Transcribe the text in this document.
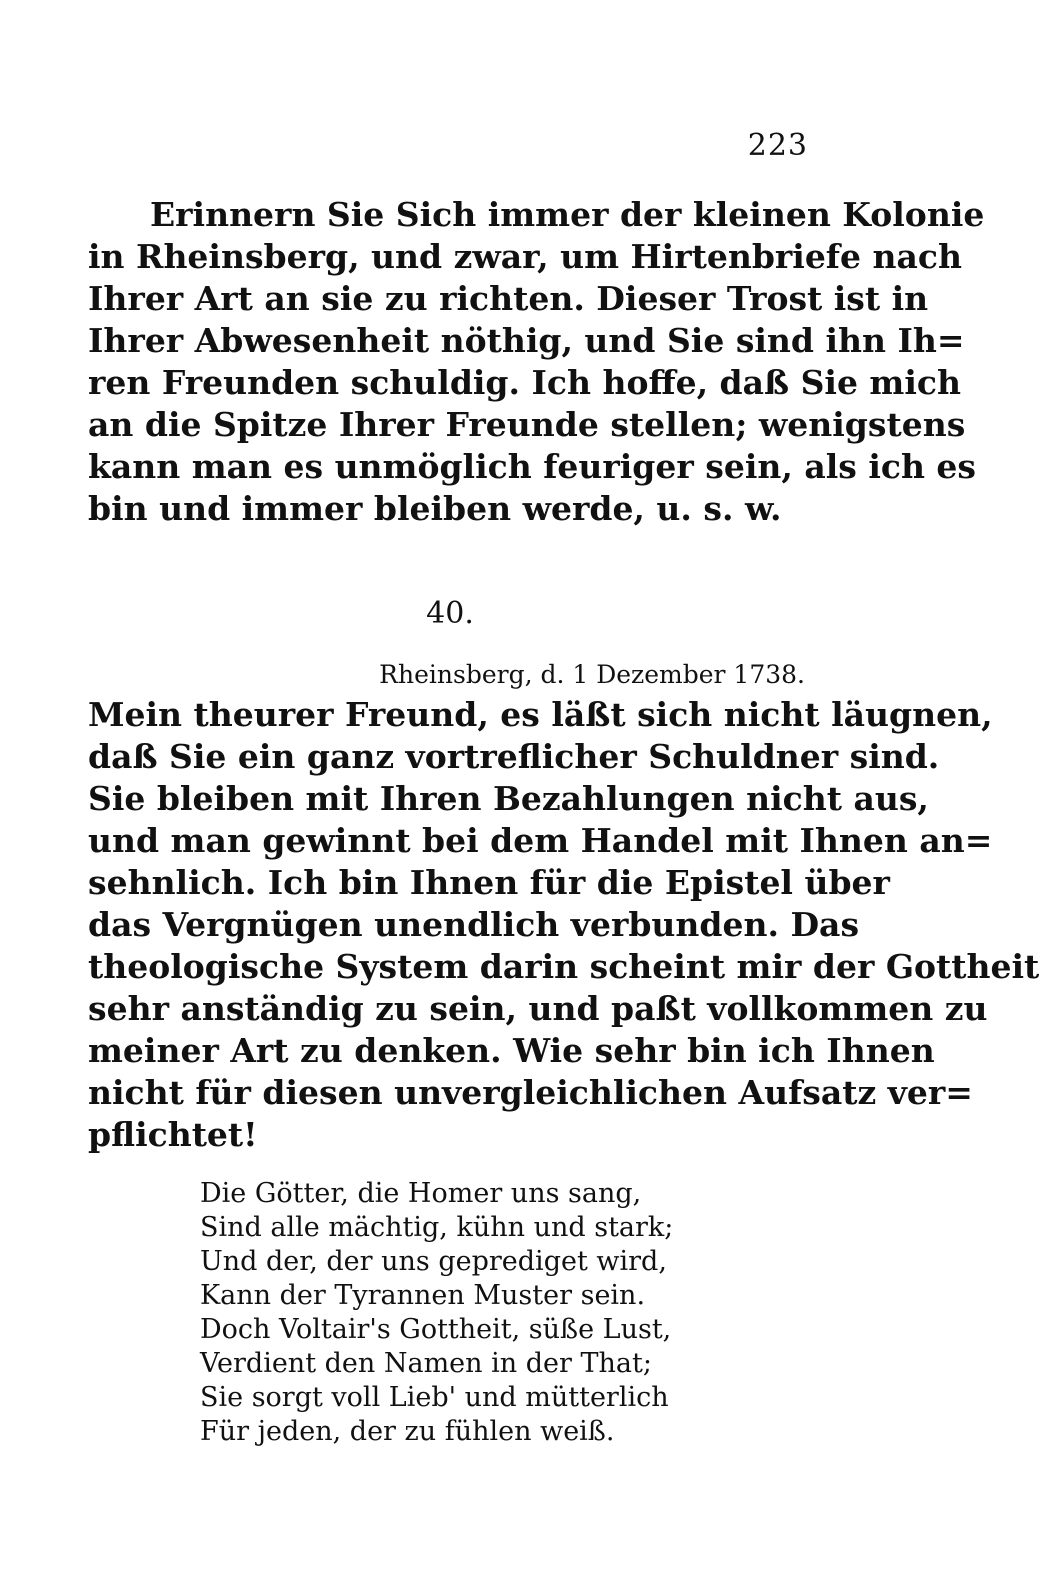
223
Erinnern Sie Sich immer der kleinen Kolonie
in Rheinsberg, und zwar, um Hirtenbriefe nach
Ihrer Art an sie zu richten. Dieser Trost ist in
Ihrer Abwesenheit nöthig, und Sie sind ihn Ih=
ren Freunden schuldig. Ich hoffe, daß Sie mich
an die Spitze Ihrer Freunde stellen; wenigstens
kann man es unmöglich feuriger sein, als ich es
bin und immer bleiben werde, u. s. w.
40.
Rheinsberg, d. 1 Dezember 1738.
Mein theurer Freund, es läßt sich nicht läugnen,
daß Sie ein ganz vortreflicher Schuldner sind.
Sie bleiben mit Ihren Bezahlungen nicht aus,
und man gewinnt bei dem Handel mit Ihnen an=
sehnlich. Ich bin Ihnen für die Epistel über
das Vergnügen unendlich verbunden. Das
theologische System darin scheint mir der Gottheit
sehr anständig zu sein, und paßt vollkommen zu
meiner Art zu denken. Wie sehr bin ich Ihnen
nicht für diesen unvergleichlichen Aufsatz ver=
pflichtet!
Die Götter, die Homer uns sang,
Sind alle mächtig, kühn und stark;
Und der, der uns geprediget wird,
Kann der Tyrannen Muster sein.
Doch Voltair's Gottheit, süße Lust,
Verdient den Namen in der That;
Sie sorgt voll Lieb' und mütterlich
Für jeden, der zu fühlen weiß.
